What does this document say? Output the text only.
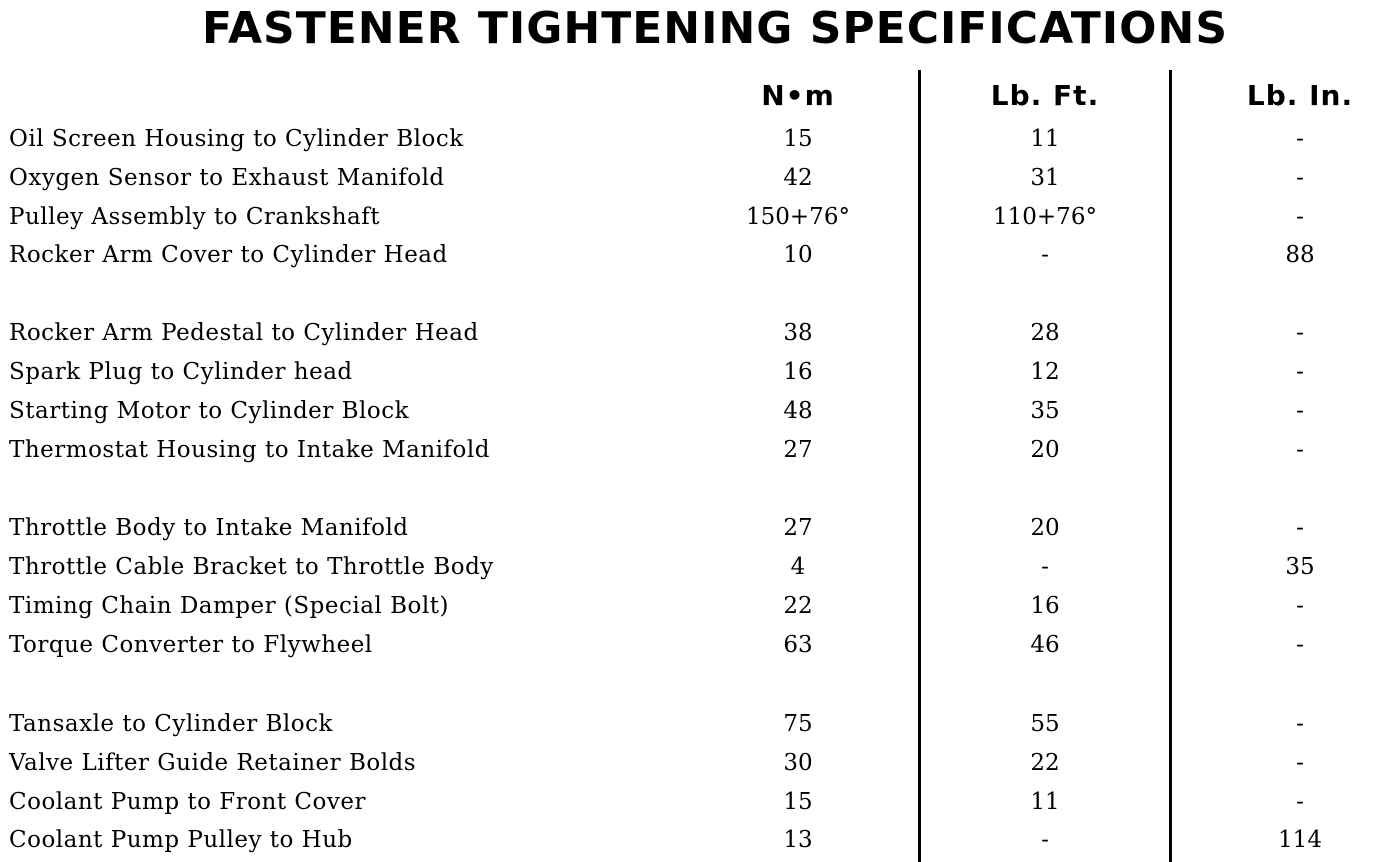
FASTENER TIGHTENING SPECIFICATIONS
N•m	Lb. Ft.	Lb. In.
Oil Screen Housing to Cylinder Block	15	11	-
Oxygen Sensor to Exhaust Manifold	42	31	-
Pulley Assembly to Crankshaft	150+76°	110+76°	-
Rocker Arm Cover to Cylinder Head	10	-	88
Rocker Arm Pedestal to Cylinder Head	38	28	-
Spark Plug to Cylinder head	16	12	-
Starting Motor to Cylinder Block	48	35	-
Thermostat Housing to Intake Manifold	27	20	-
Throttle Body to Intake Manifold	27	20	-
Throttle Cable Bracket to Throttle Body	4	-	35
Timing Chain Damper (Special Bolt)	22	16	-
Torque Converter to Flywheel	63	46	-
Tansaxle to Cylinder Block	75	55	-
Valve Lifter Guide Retainer Bolds	30	22	-
Coolant Pump to Front Cover	15	11	-
Coolant Pump Pulley to Hub	13	-	114
